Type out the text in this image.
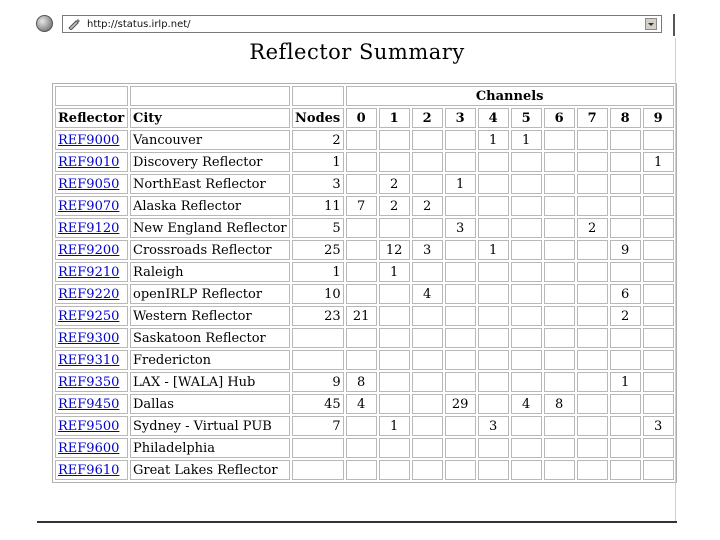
http://status.irlp.net/
Reflector Summary
			Channels									
Reflector	City	Nodes	0	1	2	3	4	5	6	7	8	9
REF9000	Vancouver	2					1	1				
REF9010	Discovery Reflector	1										1
REF9050	NorthEast Reflector	3		2		1						
REF9070	Alaska Reflector	11	7	2	2							
REF9120	New England Reflector	5				3				2		
REF9200	Crossroads Reflector	25		12	3		1				9	
REF9210	Raleigh	1		1								
REF9220	openIRLP Reflector	10			4						6	
REF9250	Western Reflector	23	21								2	
REF9300	Saskatoon Reflector											
REF9310	Fredericton											
REF9350	LAX - [WALA] Hub	9	8								1	
REF9450	Dallas	45	4			29		4	8			
REF9500	Sydney - Virtual PUB	7		1			3					3
REF9600	Philadelphia											
REF9610	Great Lakes Reflector											
